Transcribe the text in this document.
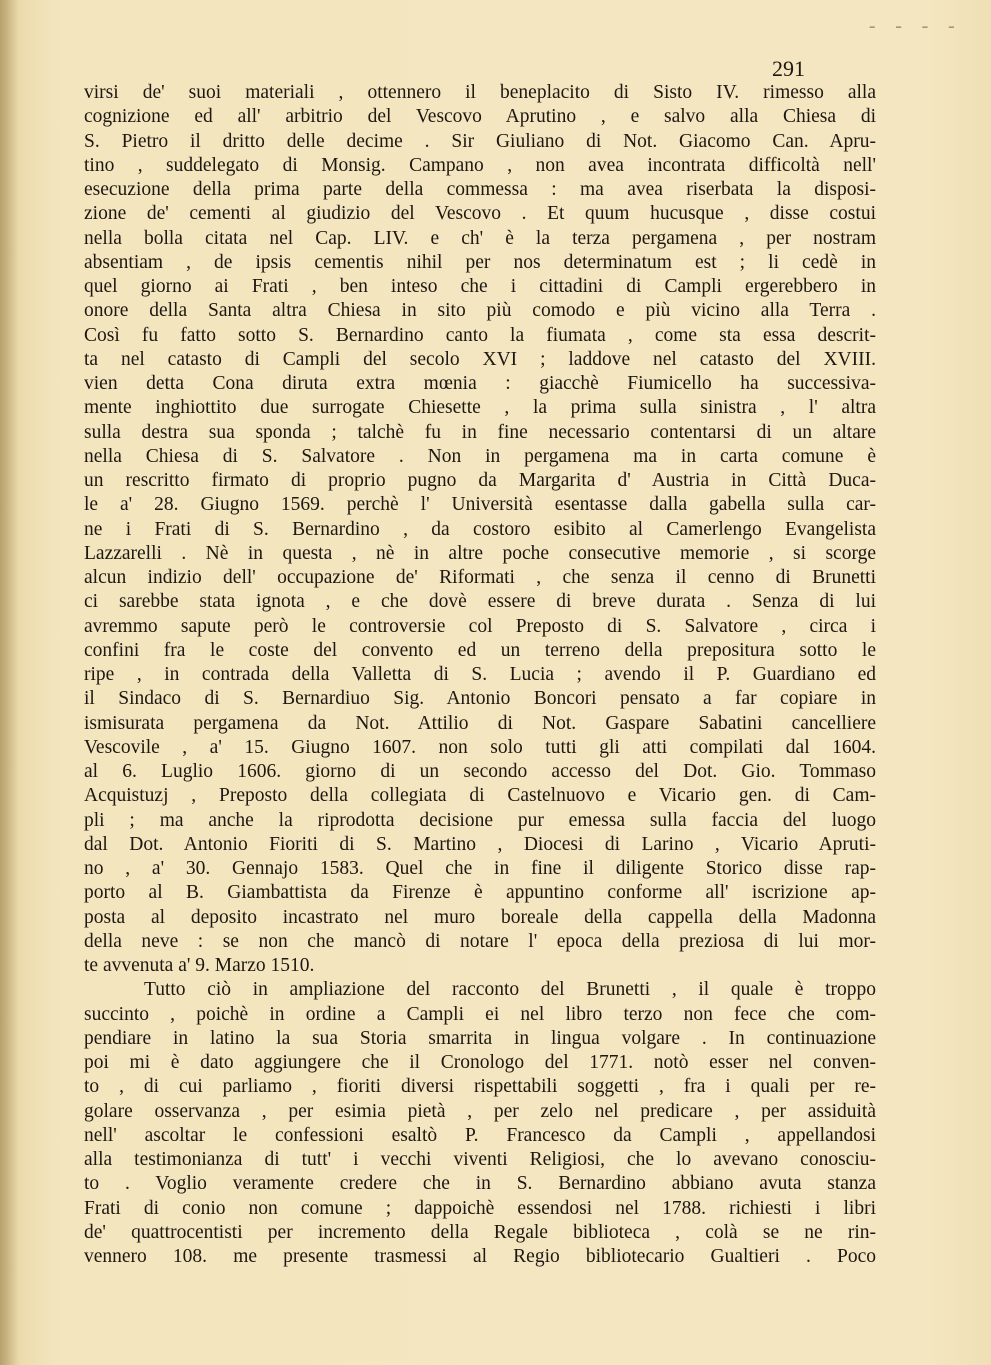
– – – –
291
virsi de' suoi materiali , ottennero il beneplacito di Sisto IV. rimesso alla
cognizione ed all' arbitrio del Vescovo Aprutino , e salvo alla Chiesa di
S. Pietro il dritto delle decime . Sir Giuliano di Not. Giacomo Can. Apru-
tino , suddelegato di Monsig. Campano , non avea incontrata difficoltà nell'
esecuzione della prima parte della commessa : ma avea riserbata la disposi-
zione de' cementi al giudizio del Vescovo . Et quum hucusque , disse costui
nella bolla citata nel Cap. LIV. e ch' è la terza pergamena , per nostram
absentiam , de ipsis cementis nihil per nos determinatum est ; li cedè in
quel giorno ai Frati , ben inteso che i cittadini di Campli ergerebbero in
onore della Santa altra Chiesa in sito più comodo e più vicino alla Terra .
Così fu fatto sotto S. Bernardino canto la fiumata , come sta essa descrit-
ta nel catasto di Campli del secolo XVI ; laddove nel catasto del XVIII.
vien detta Cona diruta extra mœnia : giacchè Fiumicello ha successiva-
mente inghiottito due surrogate Chiesette , la prima sulla sinistra , l' altra
sulla destra sua sponda ; talchè fu in fine necessario contentarsi di un altare
nella Chiesa di S. Salvatore . Non in pergamena ma in carta comune è
un rescritto firmato di proprio pugno da Margarita d' Austria in Città Duca-
le a' 28. Giugno 1569. perchè l' Università esentasse dalla gabella sulla car-
ne i Frati di S. Bernardino , da costoro esibito al Camerlengo Evangelista
Lazzarelli . Nè in questa , nè in altre poche consecutive memorie , si scorge
alcun indizio dell' occupazione de' Riformati , che senza il cenno di Brunetti
ci sarebbe stata ignota , e che dovè essere di breve durata . Senza di lui
avremmo sapute però le controversie col Preposto di S. Salvatore , circa i
confini fra le coste del convento ed un terreno della prepositura sotto le
ripe , in contrada della Valletta di S. Lucia ; avendo il P. Guardiano ed
il Sindaco di S. Bernardiuo Sig. Antonio Boncori pensato a far copiare in
ismisurata pergamena da Not. Attilio di Not. Gaspare Sabatini cancelliere
Vescovile , a' 15. Giugno 1607. non solo tutti gli atti compilati dal 1604.
al 6. Luglio 1606. giorno di un secondo accesso del Dot. Gio. Tommaso
Acquistuzj , Preposto della collegiata di Castelnuovo e Vicario gen. di Cam-
pli ; ma anche la riprodotta decisione pur emessa sulla faccia del luogo
dal Dot. Antonio Fioriti di S. Martino , Diocesi di Larino , Vicario Apruti-
no , a' 30. Gennajo 1583. Quel che in fine il diligente Storico disse rap-
porto al B. Giambattista da Firenze è appuntino conforme all' iscrizione ap-
posta al deposito incastrato nel muro boreale della cappella della Madonna
della neve : se non che mancò di notare l' epoca della preziosa di lui mor-
te avvenuta a' 9. Marzo 1510.
Tutto ciò in ampliazione del racconto del Brunetti , il quale è troppo
succinto , poichè in ordine a Campli ei nel libro terzo non fece che com-
pendiare in latino la sua Storia smarrita in lingua volgare . In continuazione
poi mi è dato aggiungere che il Cronologo del 1771. notò esser nel conven-
to , di cui parliamo , fioriti diversi rispettabili soggetti , fra i quali per re-
golare osservanza , per esimia pietà , per zelo nel predicare , per assiduità
nell' ascoltar le confessioni esaltò P. Francesco da Campli , appellandosi
alla testimonianza di tutt' i vecchi viventi Religiosi, che lo avevano conosciu-
to . Voglio veramente credere che in S. Bernardino abbiano avuta stanza
Frati di conio non comune ; dappoichè essendosi nel 1788. richiesti i libri
de' quattrocentisti per incremento della Regale biblioteca , colà se ne rin-
vennero 108. me presente trasmessi al Regio bibliotecario Gualtieri . Poco
